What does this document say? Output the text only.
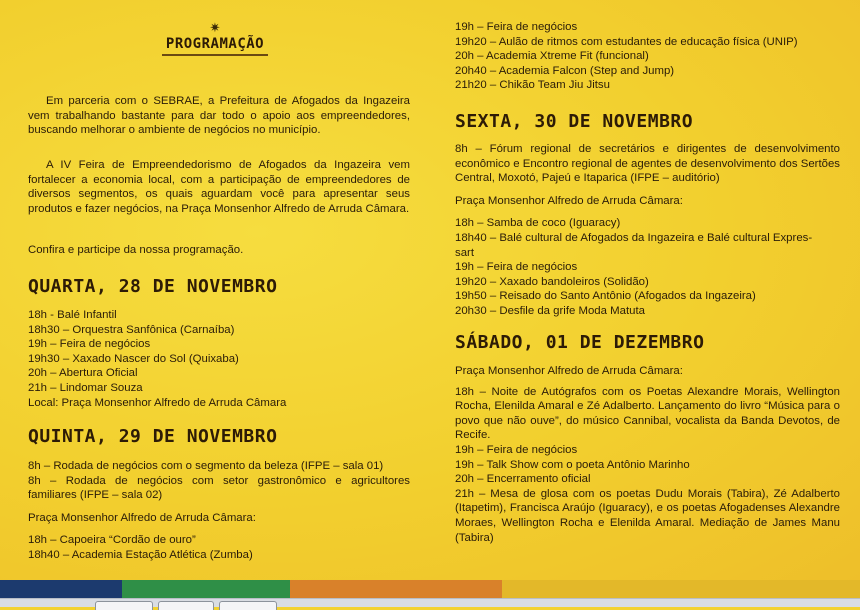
✷
PROGRAMAÇÃO

Em parceria com o SEBRAE, a Prefeitura de Afogados da Ingazeira vem trabalhando bastante para dar todo o apoio aos empreendedores, buscando melhorar o ambiente de negócios no município.

A IV Feira de Empreendedorismo de Afogados da Ingazeira vem fortalecer a economia local, com a participação de empreendedores de diversos segmentos, os quais aguardam você para apresentar seus produtos e fazer negócios, na Praça Monsenhor Alfredo de Arruda Câmara.

Confira e participe da nossa programação.

QUARTA, 28 DE NOVEMBRO
18h - Balé Infantil
18h30 – Orquestra Sanfônica (Carnaíba)
19h – Feira de negócios
19h30 – Xaxado Nascer do Sol (Quixaba)
20h – Abertura Oficial
21h – Lindomar Souza
Local: Praça Monsenhor Alfredo de Arruda Câmara
QUINTA, 29 DE NOVEMBRO
8h – Rodada de negócios com o segmento da beleza (IFPE – sala 01)
8h – Rodada de negócios com setor gastronômico e agricultores
familiares (IFPE – sala 02)
Praça Monsenhor Alfredo de Arruda Câmara:
18h – Capoeira “Cordão de ouro”
18h40 – Academia Estação Atlética (Zumba)
19h – Feira de negócios
19h20 – Aulão de ritmos com estudantes de educação física (UNIP)
20h – Academia Xtreme Fit (funcional)
20h40 – Academia Falcon (Step and Jump)
21h20 – Chikão Team Jiu Jitsu
SEXTA, 30 DE NOVEMBRO
8h – Fórum regional de secretários e dirigentes de desenvolvimento econômico e Encontro regional de agentes de desenvolvimento dos Sertões Central, Moxotó, Pajeú e Itaparica (IFPE – auditório)
Praça Monsenhor Alfredo de Arruda Câmara:
18h – Samba de coco (Iguaracy)
18h40 – Balé cultural de Afogados da Ingazeira e Balé cultural Expres-
sart
19h – Feira de negócios
19h20 – Xaxado bandoleiros (Solidão)
19h50 – Reisado do Santo Antônio (Afogados da Ingazeira)
20h30 – Desfile da grife Moda Matuta
SÁBADO, 01 DE DEZEMBRO
Praça Monsenhor Alfredo de Arruda Câmara:
18h – Noite de Autógrafos com os Poetas Alexandre Morais, Wellington Rocha, Elenilda Amaral e Zé Adalberto. Lançamento do livro “Música para o povo que não ouve”, do músico Cannibal, vocalista da Banda Devotos, de Recife.
19h – Feira de negócios
19h – Talk Show com o poeta Antônio Marinho
20h – Encerramento oficial
21h – Mesa de glosa com os poetas Dudu Morais (Tabira), Zé Adalberto (Itapetim), Francisca Araújo (Iguaracy), e os poetas Afogadenses Alexandre Moraes, Wellington Rocha e Elenilda Amaral. Mediação de James Manu (Tabira)
